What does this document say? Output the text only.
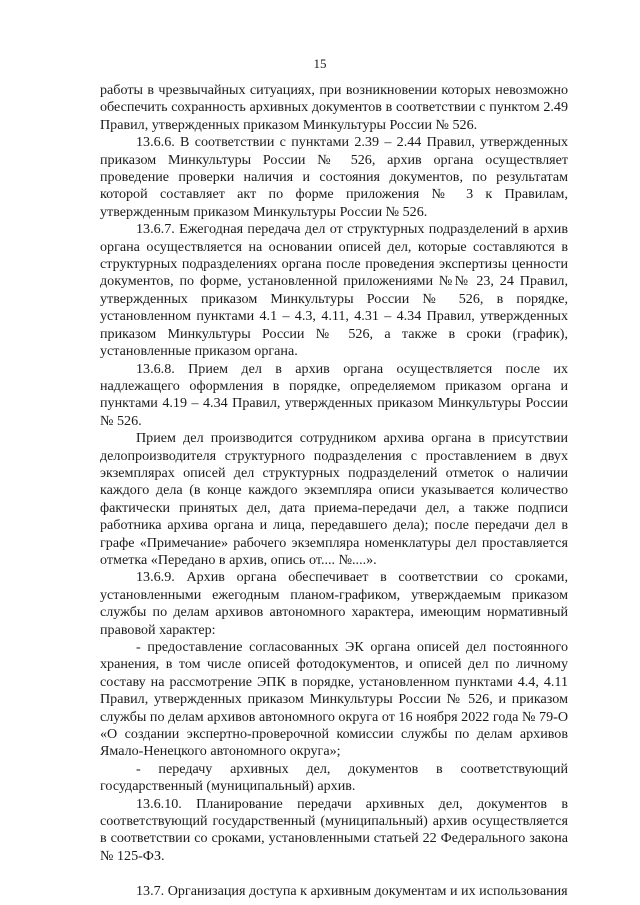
15

работы в чрезвычайных ситуациях, при возникновении которых невозможно обеспечить сохранность архивных документов в соответствии с пунктом 2.49 Правил, утвержденных приказом Минкультуры России № 526.

13.6.6. В соответствии с пунктами 2.39 – 2.44 Правил, утвержденных приказом Минкультуры России № 526, архив органа осуществляет проведение проверки наличия и состояния документов, по результатам которой составляет акт по форме приложения № 3 к Правилам, утвержденным приказом Минкультуры России № 526.

13.6.7. Ежегодная передача дел от структурных подразделений в архив органа осуществляется на основании описей дел, которые составляются в структурных подразделениях органа после проведения экспертизы ценности документов, по форме, установленной приложениями №№ 23, 24 Правил, утвержденных приказом Минкультуры России № 526, в порядке, установленном пунктами 4.1 – 4.3, 4.11, 4.31 – 4.34 Правил, утвержденных приказом Минкультуры России № 526, а также в сроки (график), установленные приказом органа.

13.6.8. Прием дел в архив органа осуществляется после их надлежащего оформления в порядке, определяемом приказом органа и пунктами 4.19 – 4.34 Правил, утвержденных приказом Минкультуры России № 526.

Прием дел производится сотрудником архива органа в присутствии делопроизводителя структурного подразделения с проставлением в двух экземплярах описей дел структурных подразделений отметок о наличии каждого дела (в конце каждого экземпляра описи указывается количество фактически принятых дел, дата приема-передачи дел, а также подписи работника архива органа и лица, передавшего дела); после передачи дел в графе «Примечание» рабочего экземпляра номенклатуры дел проставляется отметка «Передано в архив, опись от.... №....».

13.6.9. Архив органа обеспечивает в соответствии со сроками, установленными ежегодным планом-графиком, утверждаемым приказом службы по делам архивов автономного характера, имеющим нормативный правовой характер:

- предоставление согласованных ЭК органа описей дел постоянного хранения, в том числе описей фотодокументов, и описей дел по личному составу на рассмотрение ЭПК в порядке, установленном пунктами 4.4, 4.11 Правил, утвержденных приказом Минкультуры России № 526, и приказом службы по делам архивов автономного округа от 16 ноября 2022 года № 79-О «О создании экспертно-проверочной комиссии службы по делам архивов Ямало-Ненецкого автономного округа»;

- передачу архивных дел, документов в соответствующий государственный (муниципальный) архив.

13.6.10. Планирование передачи архивных дел, документов в соответствующий государственный (муниципальный) архив осуществляется в соответствии со сроками, установленными статьей 22 Федерального закона № 125-ФЗ.

13.7. Организация доступа к архивным документам и их использования
